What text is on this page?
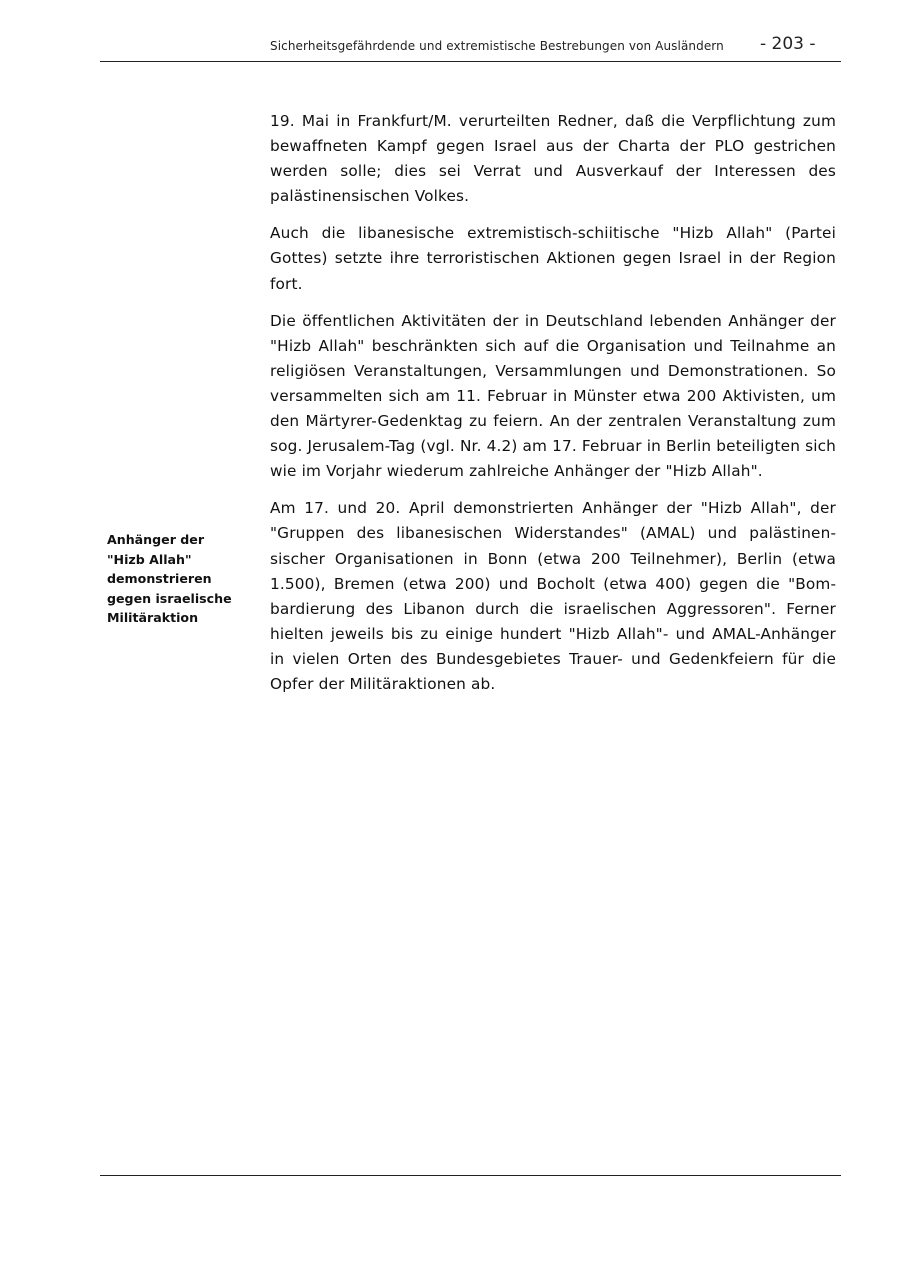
Sicherheitsgefährdende und extremistische Bestrebungen von Ausländern - 203 -
Anhänger der
"Hizb Allah"
demonstrieren
gegen israelische
Militäraktion

19. Mai in Frankfurt/M. verurteilten Redner, daß die Verpflichtung zum bewaffneten Kampf gegen Israel aus der Charta der PLO gestrichen werden solle; dies sei Verrat und Ausverkauf der Interessen des palästinensischen Volkes.

Auch die libanesische extremistisch-schiitische "Hizb Allah" (Partei Gottes) setzte ihre terroristischen Aktionen gegen Israel in der Region fort.

Die öffentlichen Aktivitäten der in Deutschland lebenden Anhänger der "Hizb Allah" beschränkten sich auf die Organisation und Teilnahme an religiösen Veranstaltungen, Versammlungen und Demonstrationen. So versammelten sich am 11. Februar in Münster etwa 200 Aktivisten, um den Märtyrer-Gedenktag zu feiern. An der zentralen Veranstaltung zum sog. Jerusalem-Tag (vgl. Nr. 4.2) am 17. Februar in Berlin beteiligten sich wie im Vorjahr wiederum zahlreiche Anhänger der "Hizb Allah".

Am 17. und 20. April demonstrierten Anhänger der "Hizb Allah", der "Gruppen des libanesischen Widerstandes" (AMAL) und palästinensischer Organisationen in Bonn (etwa 200 Teilnehmer), Berlin (etwa 1.500), Bremen (etwa 200) und Bocholt (etwa 400) gegen die "Bombardierung des Libanon durch die israelischen Aggressoren". Ferner hielten jeweils bis zu einige hundert "Hizb Allah"- und AMAL-Anhänger in vielen Orten des Bundesgebietes Trauer- und Gedenkfeiern für die Opfer der Militäraktionen ab.
